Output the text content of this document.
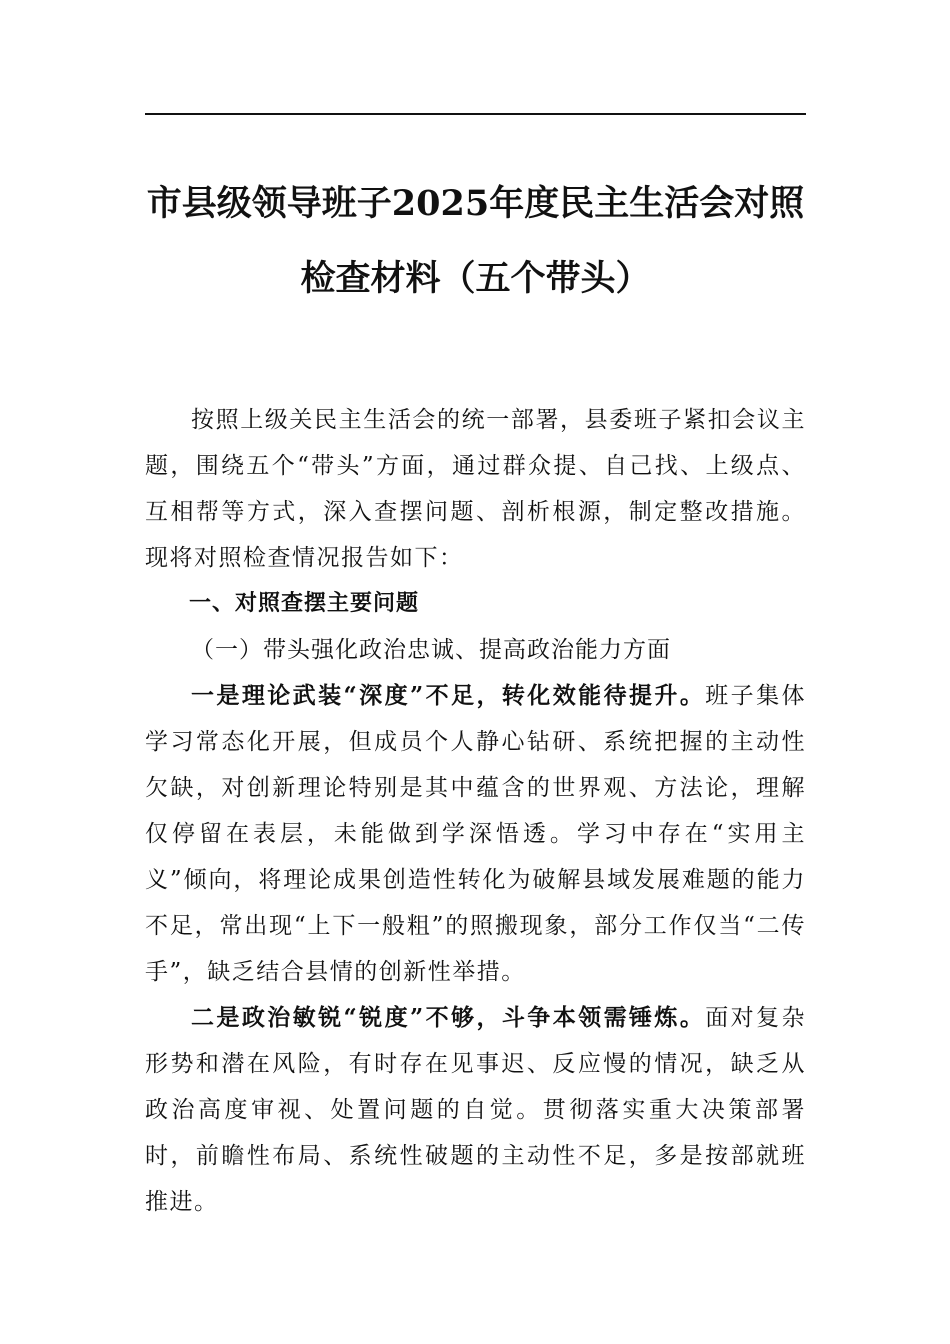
市县级领导班子2025年度民主生活会对照
检查材料（五个带头）

按照上级关民主生活会的统一部署，县委班子紧扣会议主题，围绕五个“带头”方面，通过群众提、自己找、上级点、互相帮等方式，深入查摆问题、剖析根源，制定整改措施。现将对照检查情况报告如下：

一、对照查摆主要问题

（一）带头强化政治忠诚、提高政治能力方面

一是理论武装“深度”不足，转化效能待提升。班子集体学习常态化开展，但成员个人静心钻研、系统把握的主动性欠缺，对创新理论特别是其中蕴含的世界观、方法论，理解仅停留在表层，未能做到学深悟透。学习中存在“实用主义”倾向，将理论成果创造性转化为破解县域发展难题的能力不足，常出现“上下一般粗”的照搬现象，部分工作仅当“二传手”，缺乏结合县情的创新性举措。

二是政治敏锐“锐度”不够，斗争本领需锤炼。面对复杂形势和潜在风险，有时存在见事迟、反应慢的情况，缺乏从政治高度审视、处置问题的自觉。贯彻落实重大决策部署时，前瞻性布局、系统性破题的主动性不足，多是按部就班推进。
